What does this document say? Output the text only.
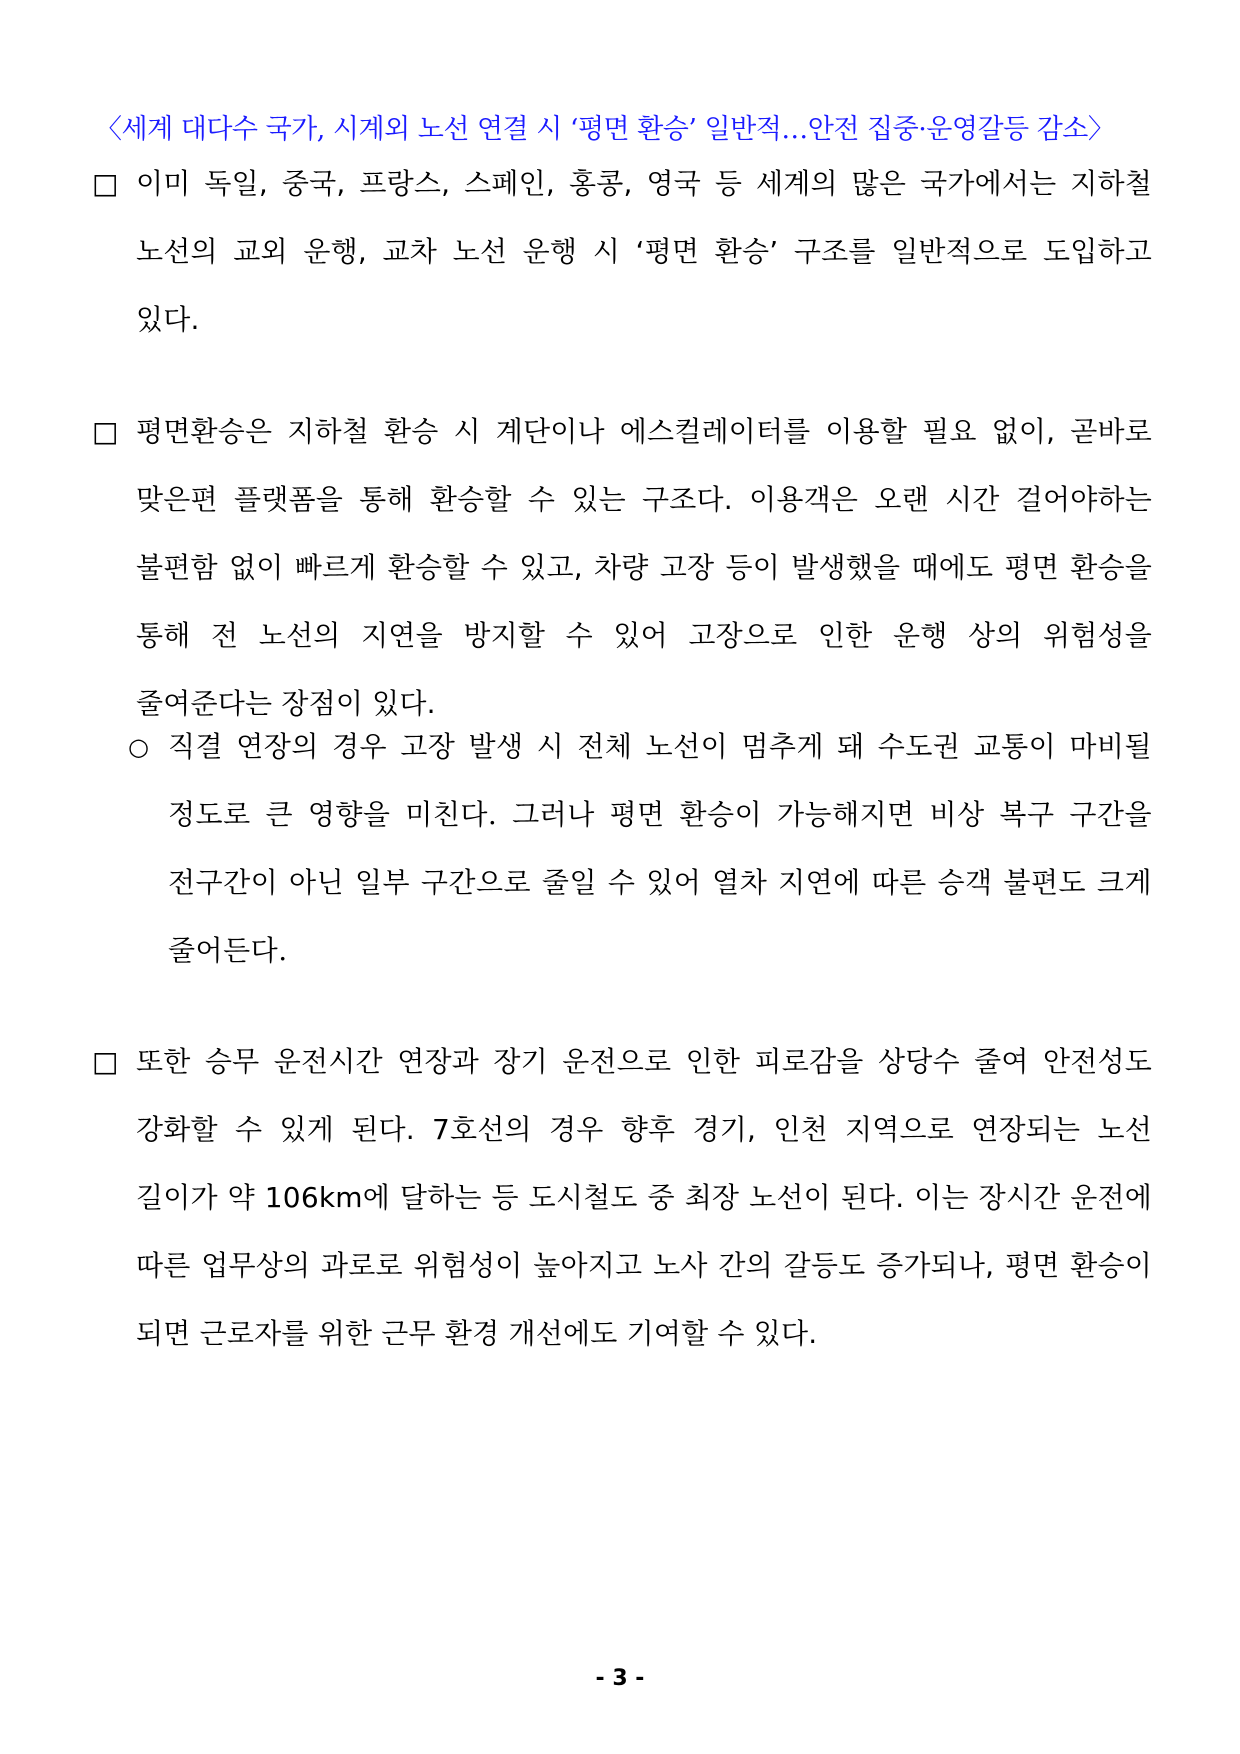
〈세계 대다수 국가, 시계외 노선 연결 시 ‘평면 환승’ 일반적…안전 집중·운영갈등 감소〉
□ 이미 독일, 중국, 프랑스, 스페인, 홍콩, 영국 등 세계의 많은 국가에서는 지하철 노선의 교외 운행, 교차 노선 운행 시 ‘평면 환승’ 구조를 일반적으로 도입하고 있다.
□ 평면환승은 지하철 환승 시 계단이나 에스컬레이터를 이용할 필요 없이, 곧바로 맞은편 플랫폼을 통해 환승할 수 있는 구조다. 이용객은 오랜 시간 걸어야하는 불편함 없이 빠르게 환승할 수 있고, 차량 고장 등이 발생했을 때에도 평면 환승을 통해 전 노선의 지연을 방지할 수 있어 고장으로 인한 운행 상의 위험성을 줄여준다는 장점이 있다.
○ 직결 연장의 경우 고장 발생 시 전체 노선이 멈추게 돼 수도권 교통이 마비될 정도로 큰 영향을 미친다. 그러나 평면 환승이 가능해지면 비상 복구 구간을 전구간이 아닌 일부 구간으로 줄일 수 있어 열차 지연에 따른 승객 불편도 크게 줄어든다.
□ 또한 승무 운전시간 연장과 장기 운전으로 인한 피로감을 상당수 줄여 안전성도 강화할 수 있게 된다. 7호선의 경우 향후 경기, 인천 지역으로 연장되는 노선 길이가 약 106km에 달하는 등 도시철도 중 최장 노선이 된다. 이는 장시간 운전에 따른 업무상의 과로로 위험성이 높아지고 노사 간의 갈등도 증가되나, 평면 환승이 되면 근로자를 위한 근무 환경 개선에도 기여할 수 있다.
- 3 -
